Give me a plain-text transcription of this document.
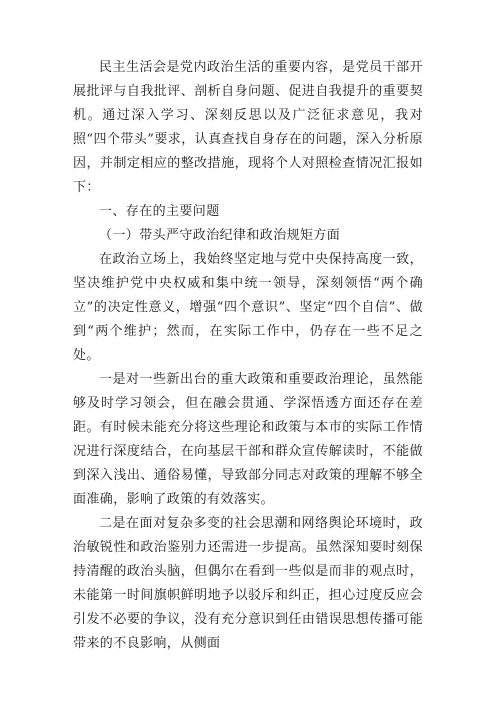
民主生活会是党内政治生活的重要内容，是党员干部开展批评与自我批评、剖析自身问题、促进自我提升的重要契机。通过深入学习、深刻反思以及广泛征求意见，我对照“四个带头”要求，认真查找自身存在的问题，深入分析原因，并制定相应的整改措施，现将个人对照检查情况汇报如下：

一、存在的主要问题

（一）带头严守政治纪律和政治规矩方面

在政治立场上，我始终坚定地与党中央保持高度一致，坚决维护党中央权威和集中统一领导，深刻领悟“两个确立”的决定性意义，增强“四个意识”、坚定“四个自信”、做到“两个维护；然而，在实际工作中，仍存在一些不足之处。

一是对一些新出台的重大政策和重要政治理论，虽然能够及时学习领会，但在融会贯通、学深悟透方面还存在差距。有时候未能充分将这些理论和政策与本市的实际工作情况进行深度结合，在向基层干部和群众宣传解读时，不能做到深入浅出、通俗易懂，导致部分同志对政策的理解不够全面准确，影响了政策的有效落实。

二是在面对复杂多变的社会思潮和网络舆论环境时，政治敏锐性和政治鉴别力还需进一步提高。虽然深知要时刻保持清醒的政治头脑，但偶尔在看到一些似是而非的观点时，未能第一时间旗帜鲜明地予以驳斥和纠正，担心过度反应会引发不必要的争议，没有充分意识到任由错误思想传播可能带来的不良影响，从侧面
